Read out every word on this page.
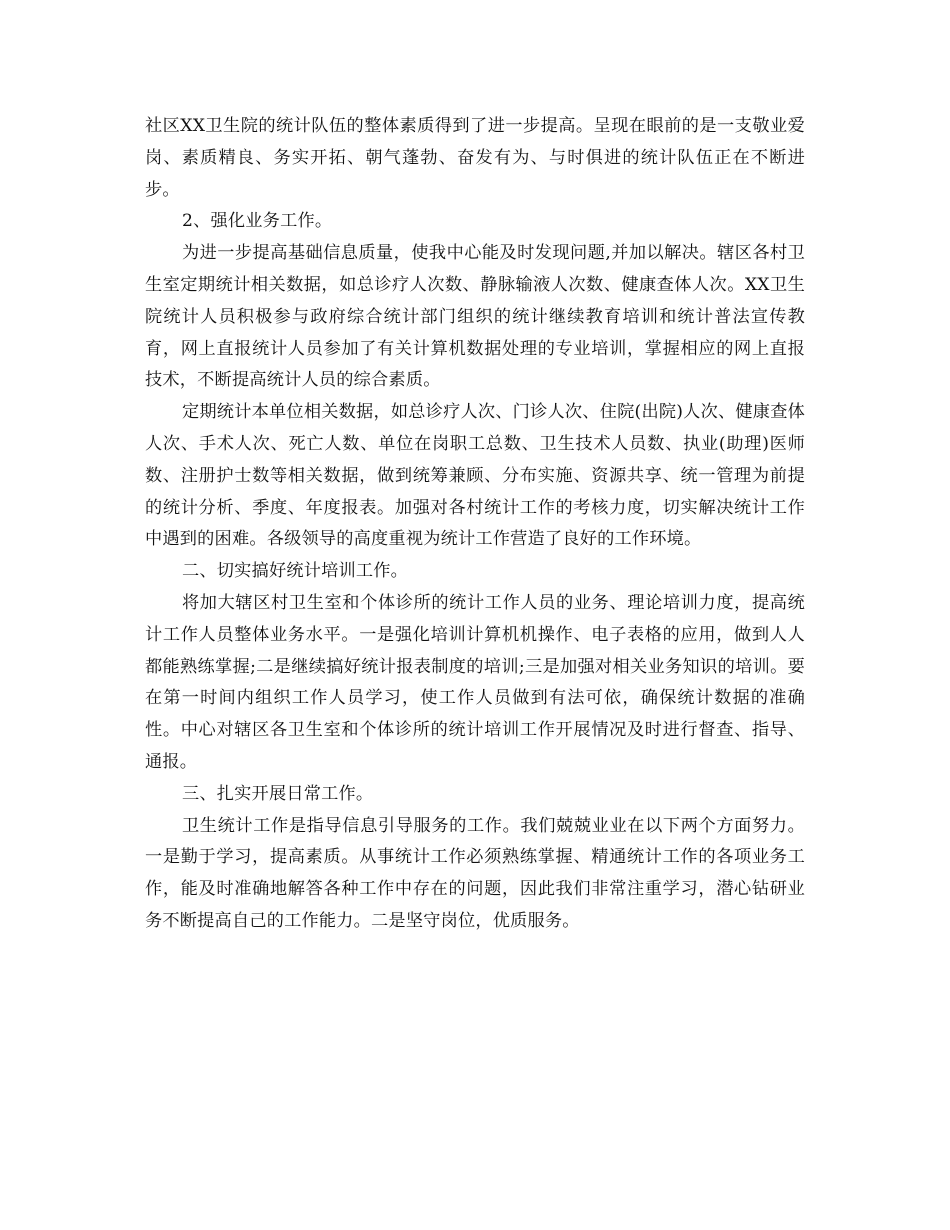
社区XX卫生院的统计队伍的整体素质得到了进一步提高。呈现在眼前的是一支敬业爱岗、素质精良、务实开拓、朝气蓬勃、奋发有为、与时俱进的统计队伍正在不断进步。

2、强化业务工作。

为进一步提高基础信息质量，使我中心能及时发现问题,并加以解决。辖区各村卫生室定期统计相关数据，如总诊疗人次数、静脉输液人次数、健康查体人次。XX卫生院统计人员积极参与政府综合统计部门组织的统计继续教育培训和统计普法宣传教育，网上直报统计人员参加了有关计算机数据处理的专业培训，掌握相应的网上直报技术，不断提高统计人员的综合素质。

定期统计本单位相关数据，如总诊疗人次、门诊人次、住院(出院)人次、健康查体人次、手术人次、死亡人数、单位在岗职工总数、卫生技术人员数、执业(助理)医师数、注册护士数等相关数据，做到统筹兼顾、分布实施、资源共享、统一管理为前提的统计分析、季度、年度报表。加强对各村统计工作的考核力度，切实解决统计工作中遇到的困难。各级领导的高度重视为统计工作营造了良好的工作环境。

二、切实搞好统计培训工作。

将加大辖区村卫生室和个体诊所的统计工作人员的业务、理论培训力度，提高统计工作人员整体业务水平。一是强化培训计算机机操作、电子表格的应用，做到人人都能熟练掌握;二是继续搞好统计报表制度的培训;三是加强对相关业务知识的培训。要在第一时间内组织工作人员学习，使工作人员做到有法可依，确保统计数据的准确性。中心对辖区各卫生室和个体诊所的统计培训工作开展情况及时进行督查、指导、通报。

三、扎实开展日常工作。

卫生统计工作是指导信息引导服务的工作。我们兢兢业业在以下两个方面努力。一是勤于学习，提高素质。从事统计工作必须熟练掌握、精通统计工作的各项业务工作，能及时准确地解答各种工作中存在的问题，因此我们非常注重学习，潜心钻研业务不断提高自己的工作能力。二是坚守岗位，优质服务。
